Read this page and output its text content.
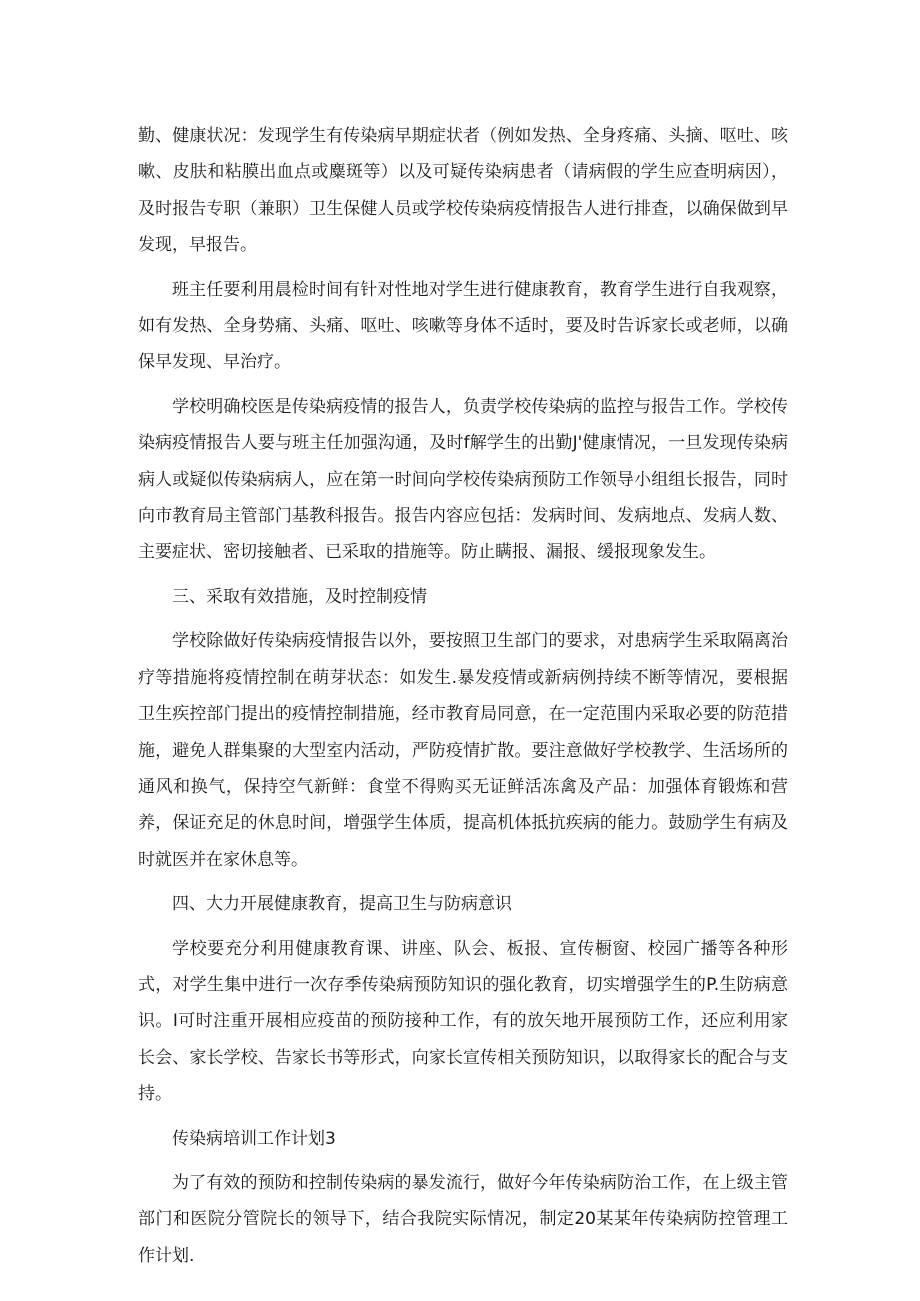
勤、健康状况：发现学生有传染病早期症状者（例如发热、全身疼痛、头摘、呕吐、咳嗽、皮肤和粘膜出血点或麋斑等）以及可疑传染病患者（请病假的学生应查明病因），及时报告专职（兼职）卫生保健人员或学校传染病疫情报告人进行排查，以确保做到早发现，早报告。

班主任要利用晨检时间有针对性地对学生进行健康教育，教育学生进行自我观察，如有发热、全身势痛、头痛、呕吐、咳嗽等身体不适时，要及时告诉家长或老师，以确保早发现、早治疗。

学校明确校医是传染病疫情的报告人，负责学校传染病的监控与报告工作。学校传染病疫情报告人要与班主任加强沟通，及时f解学生的出勤J'健康情况，一旦发现传染病病人或疑似传染病病人，应在第一时间向学校传染病预防工作领导小组组长报告，同时向市教育局主管部门基教科报告。报告内容应包括：发病时间、发病地点、发病人数、主要症状、密切接触者、已采取的措施等。防止瞒报、漏报、缓报现象发生。

三、采取有效措施，及时控制疫情

学校除做好传染病疫情报告以外，要按照卫生部门的要求，对患病学生采取隔离治疗等措施将疫情控制在萌芽状态：如发生.暴发疫情或新病例持续不断等情况，要根据卫生疾控部门提出的疫情控制措施，经市教育局同意，在一定范围内采取必要的防范措施，避免人群集聚的大型室内活动，严防疫情扩散。要注意做好学校教学、生活场所的通风和换气，保持空气新鲜：食堂不得购买无证鲜活冻禽及产品：加强体育锻炼和营养，保证充足的休息时间，增强学生体质，提高机体抵抗疾病的能力。鼓励学生有病及时就医并在家休息等。

四、大力开展健康教育，提高卫生与防病意识

学校要充分利用健康教育课、讲座、队会、板报、宣传橱窗、校园广播等各种形式，对学生集中进行一次存季传染病预防知识的强化教育，切实增强学生的P.生防病意识。I可时注重开展相应疫苗的预防接种工作，有的放矢地开展预防工作，还应利用家长会、家长学校、告家长书等形式，向家长宣传相关预防知识，以取得家长的配合与支持。

传染病培训工作计划3

为了有效的预防和控制传染病的暴发流行，做好今年传染病防治工作，在上级主管部门和医院分管院长的领导下，结合我院实际情况，制定20某某年传染病防控管理工作计划.
